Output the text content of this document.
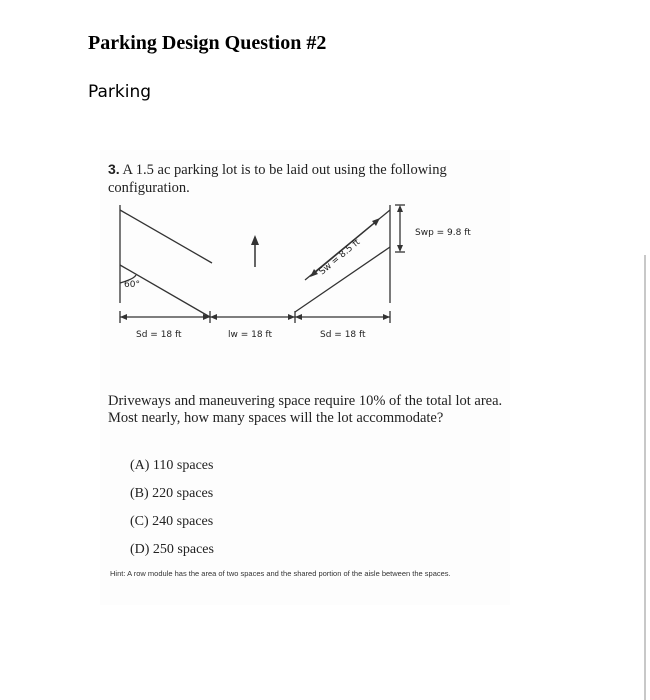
Parking Design Question #2
Parking
3. A 1.5 ac parking lot is to be laid out using the following configuration.
60°
Swp = 9.8 ft
Sw = 8.5 ft
Sd = 18 ft	lw = 18 ft	Sd = 18 ft
Driveways and maneuvering space require 10% of the total lot area. Most nearly, how many spaces will the lot accommodate?
(A) 110 spaces
(B) 220 spaces
(C) 240 spaces
(D) 250 spaces
Hint: A row module has the area of two spaces and the shared portion of the aisle between the spaces.
